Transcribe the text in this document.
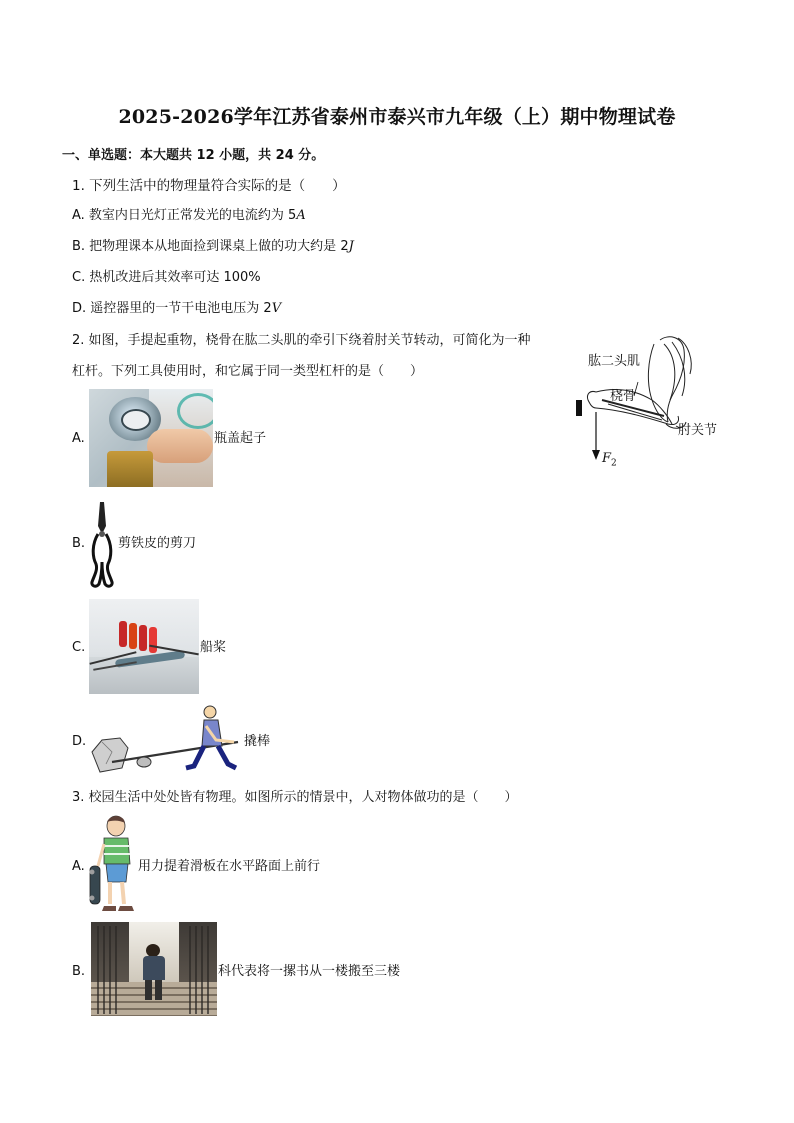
2025-2026学年江苏省泰州市泰兴市九年级（上）期中物理试卷
一、单选题：本大题共 12 小题，共 24 分。
1. 下列生活中的物理量符合实际的是（　　）
A. 教室内日光灯正常发光的电流约为 5A
B. 把物理课本从地面捡到课桌上做的功大约是 2J
C. 热机改进后其效率可达 100%
D. 遥控器里的一节干电池电压为 2V
2. 如图，手提起重物，桡骨在肱二头肌的牵引下绕着肘关节转动，可简化为一种
杠杆。下列工具使用时，和它属于同一类型杠杆的是（　　）
肱二头肌
桡骨
肘关节
$F_2$
A.	瓶盖起子
B.	剪铁皮的剪刀
C.	船桨
D.	撬棒
3. 校园生活中处处皆有物理。如图所示的情景中，人对物体做功的是（　　）
A.	用力提着滑板在水平路面上前行
B.	科代表将一摞书从一楼搬至三楼
